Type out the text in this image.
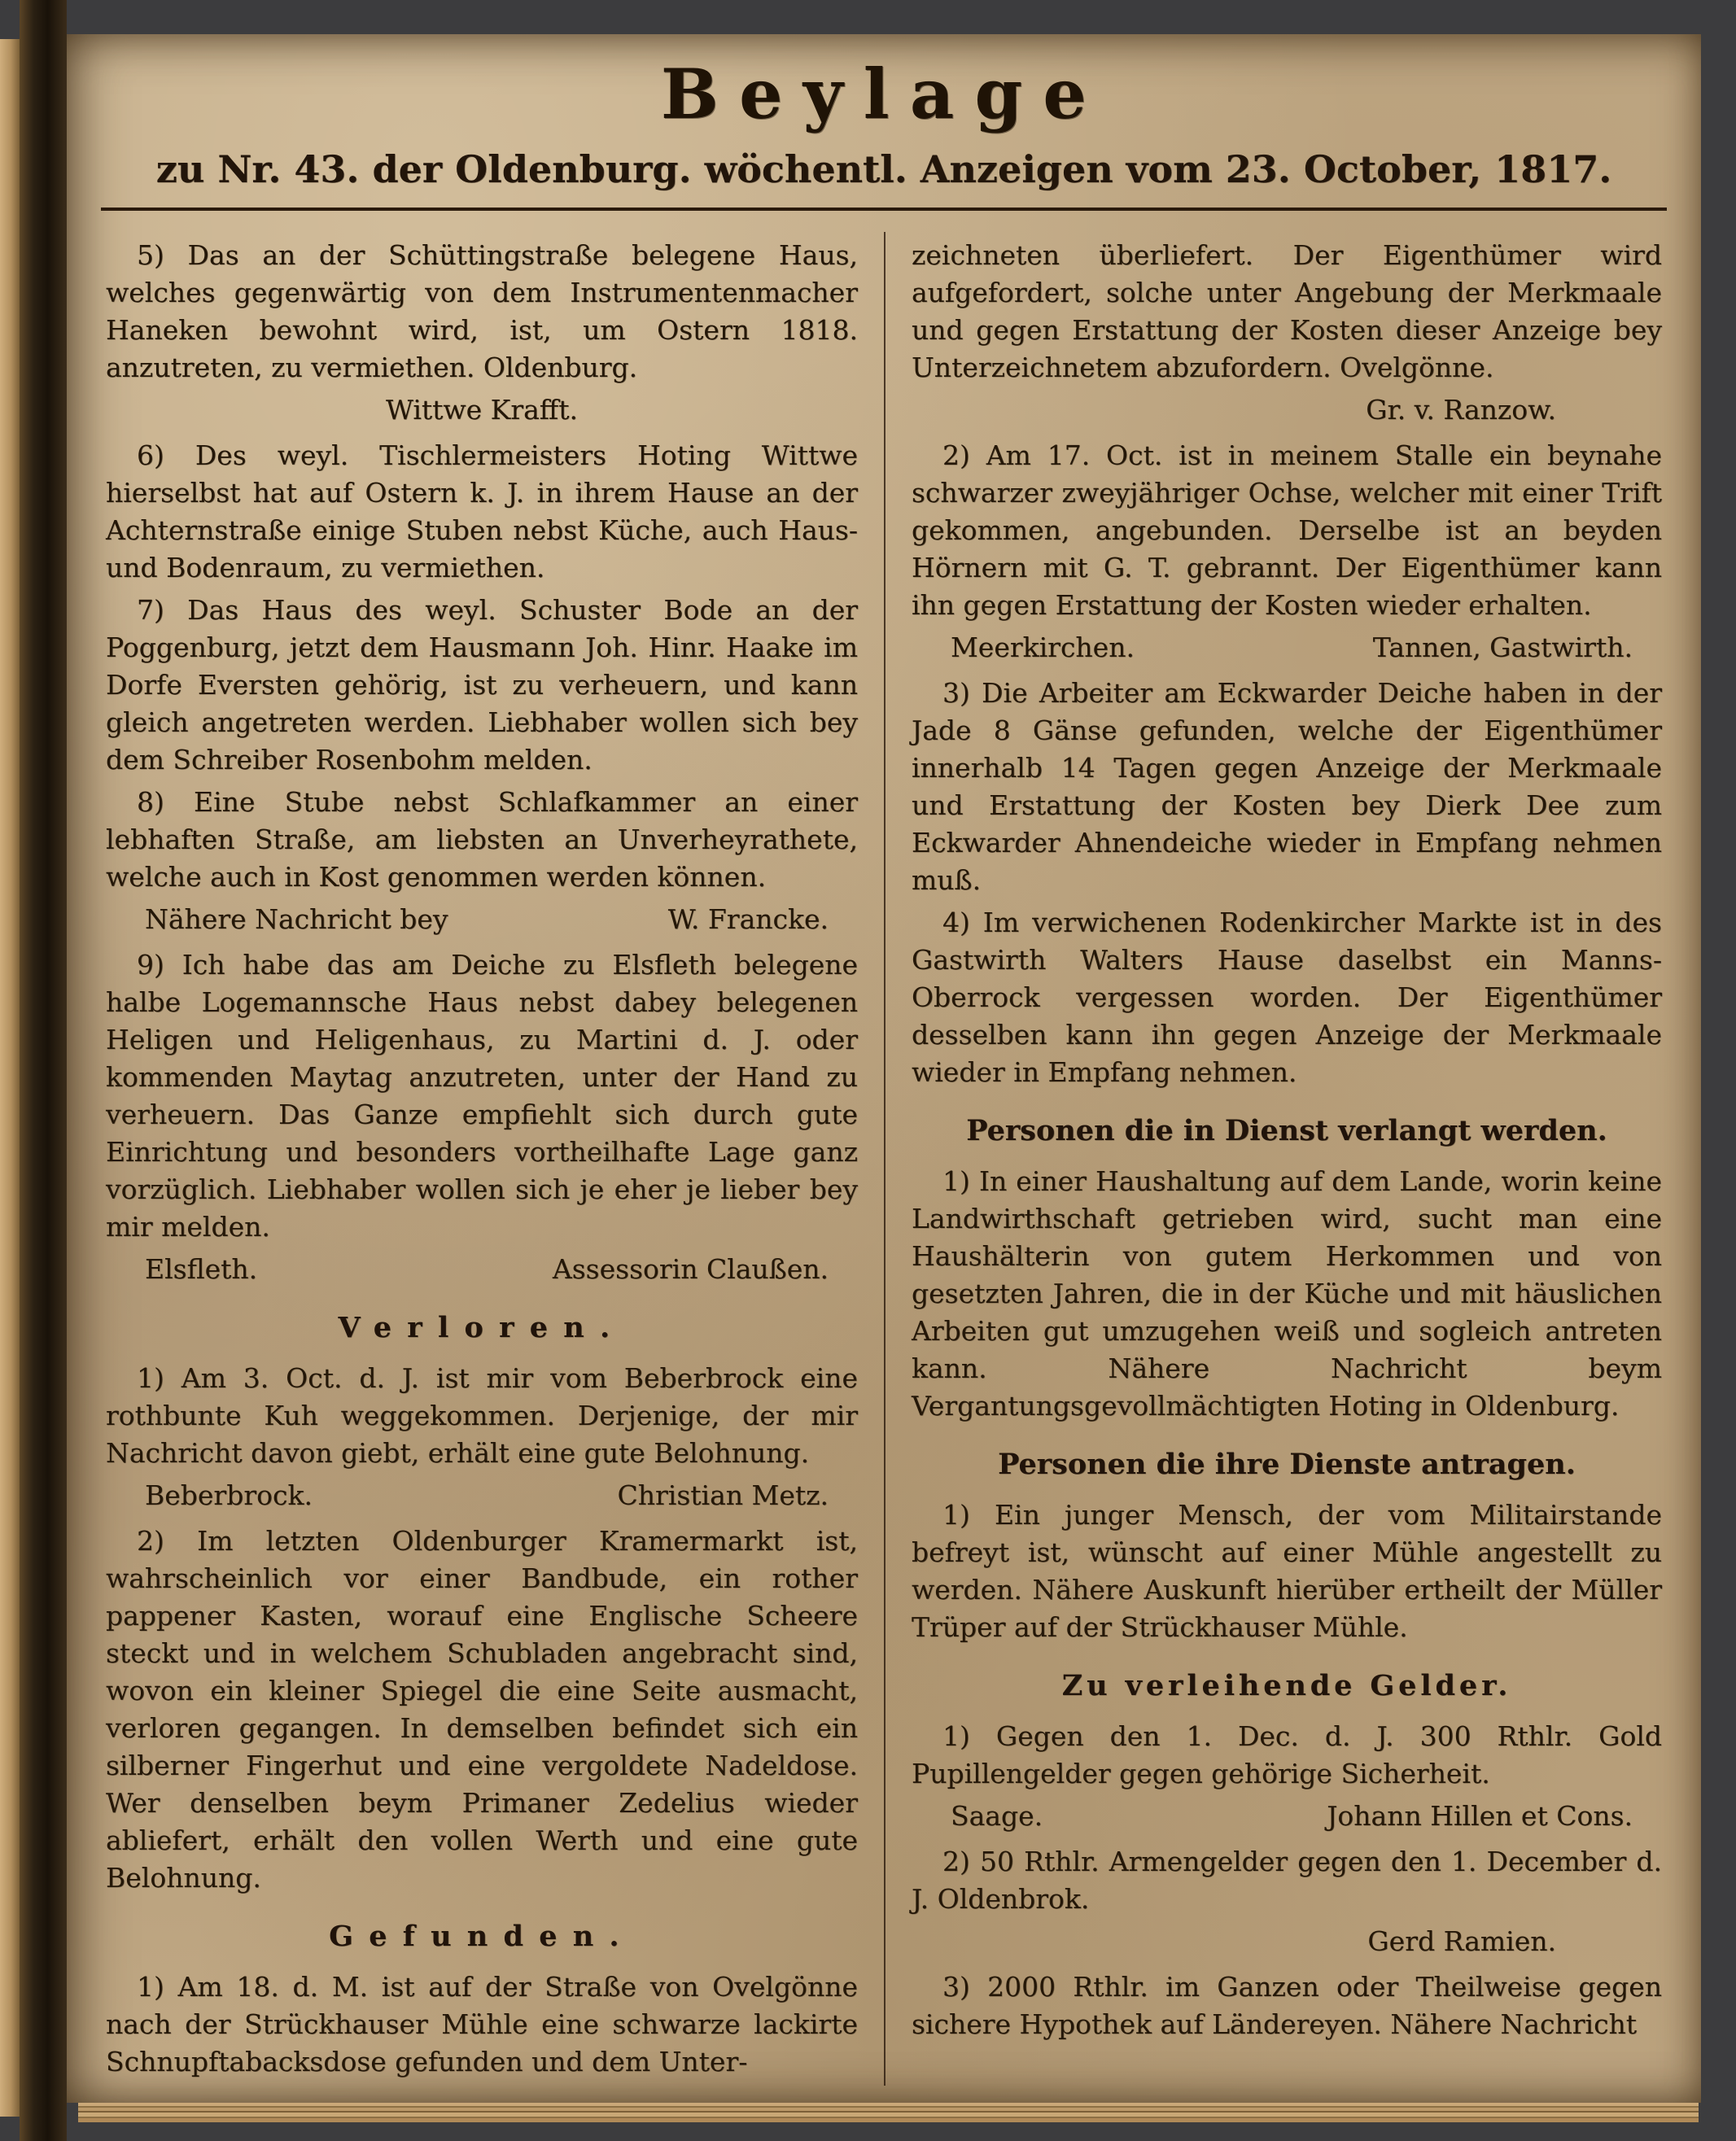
Beylage
zu Nr. 43. der Oldenburg. wöchentl. Anzeigen vom 23. October, 1817.

5) Das an der Schüttingstraße belegene Haus, welches gegenwärtig von dem Instrumentenmacher Haneken bewohnt wird, ist, um Ostern 1818. anzutreten, zu vermiethen. Oldenburg.

Wittwe Krafft.

6) Des weyl. Tischlermeisters Hoting Wittwe hierselbst hat auf Ostern k. J. in ihrem Hause an der Achternstraße einige Stuben nebst Küche, auch Haus- und Bodenraum, zu vermiethen.

7) Das Haus des weyl. Schuster Bode an der Poggenburg, jetzt dem Hausmann Joh. Hinr. Haake im Dorfe Eversten gehörig, ist zu verheuern, und kann gleich angetreten werden. Liebhaber wollen sich bey dem Schreiber Rosenbohm melden.

8) Eine Stube nebst Schlafkammer an einer lebhaften Straße, am liebsten an Unverheyrathete, welche auch in Kost genommen werden können.

Nähere Nachricht bey	W. Francke.

9) Ich habe das am Deiche zu Elsfleth belegene halbe Logemannsche Haus nebst dabey belegenen Heligen und Heligenhaus, zu Martini d. J. oder kommenden Maytag anzutreten, unter der Hand zu verheuern. Das Ganze empfiehlt sich durch gute Einrichtung und besonders vortheilhafte Lage ganz vorzüglich. Liebhaber wollen sich je eher je lieber bey mir melden.

Elsfleth.	Assessorin Claußen.
Verloren.

1) Am 3. Oct. d. J. ist mir vom Beberbrock eine rothbunte Kuh weggekommen. Derjenige, der mir Nachricht davon giebt, erhält eine gute Belohnung.

Beberbrock.	Christian Metz.

2) Im letzten Oldenburger Kramermarkt ist, wahrscheinlich vor einer Bandbude, ein rother pappener Kasten, worauf eine Englische Scheere steckt und in welchem Schubladen angebracht sind, wovon ein kleiner Spiegel die eine Seite ausmacht, verloren gegangen. In demselben befindet sich ein silberner Fingerhut und eine vergoldete Nadeldose. Wer denselben beym Primaner Zedelius wieder abliefert, erhält den vollen Werth und eine gute Belohnung.

Gefunden.

1) Am 18. d. M. ist auf der Straße von Ovelgönne nach der Strückhauser Mühle eine schwarze lackirte Schnupftabacksdose gefunden und dem Unter-

zeichneten überliefert. Der Eigenthümer wird aufgefordert, solche unter Angebung der Merkmaale und gegen Erstattung der Kosten dieser Anzeige bey Unterzeichnetem abzufordern. Ovelgönne.

Gr. v. Ranzow.

2) Am 17. Oct. ist in meinem Stalle ein beynahe schwarzer zweyjähriger Ochse, welcher mit einer Trift gekommen, angebunden. Derselbe ist an beyden Hörnern mit G. T. gebrannt. Der Eigenthümer kann ihn gegen Erstattung der Kosten wieder erhalten.

Meerkirchen.	Tannen, Gastwirth.

3) Die Arbeiter am Eckwarder Deiche haben in der Jade 8 Gänse gefunden, welche der Eigenthümer innerhalb 14 Tagen gegen Anzeige der Merkmaale und Erstattung der Kosten bey Dierk Dee zum Eckwarder Ahnendeiche wieder in Empfang nehmen muß.

4) Im verwichenen Rodenkircher Markte ist in des Gastwirth Walters Hause daselbst ein Manns-Oberrock vergessen worden. Der Eigenthümer desselben kann ihn gegen Anzeige der Merkmaale wieder in Empfang nehmen.

Personen die in Dienst verlangt werden.

1) In einer Haushaltung auf dem Lande, worin keine Landwirthschaft getrieben wird, sucht man eine Haushälterin von gutem Herkommen und von gesetzten Jahren, die in der Küche und mit häuslichen Arbeiten gut umzugehen weiß und sogleich antreten kann. Nähere Nachricht beym Vergantungsgevollmächtigten Hoting in Oldenburg.

Personen die ihre Dienste antragen.

1) Ein junger Mensch, der vom Militairstande befreyt ist, wünscht auf einer Mühle angestellt zu werden. Nähere Auskunft hierüber ertheilt der Müller Trüper auf der Strückhauser Mühle.

Zu verleihende Gelder.

1) Gegen den 1. Dec. d. J. 300 Rthlr. Gold Pupillengelder gegen gehörige Sicherheit.

Saage.	Johann Hillen et Cons.

2) 50 Rthlr. Armengelder gegen den 1. December d. J. Oldenbrok.

Gerd Ramien.

3) 2000 Rthlr. im Ganzen oder Theilweise gegen sichere Hypothek auf Ländereyen. Nähere Nachricht
